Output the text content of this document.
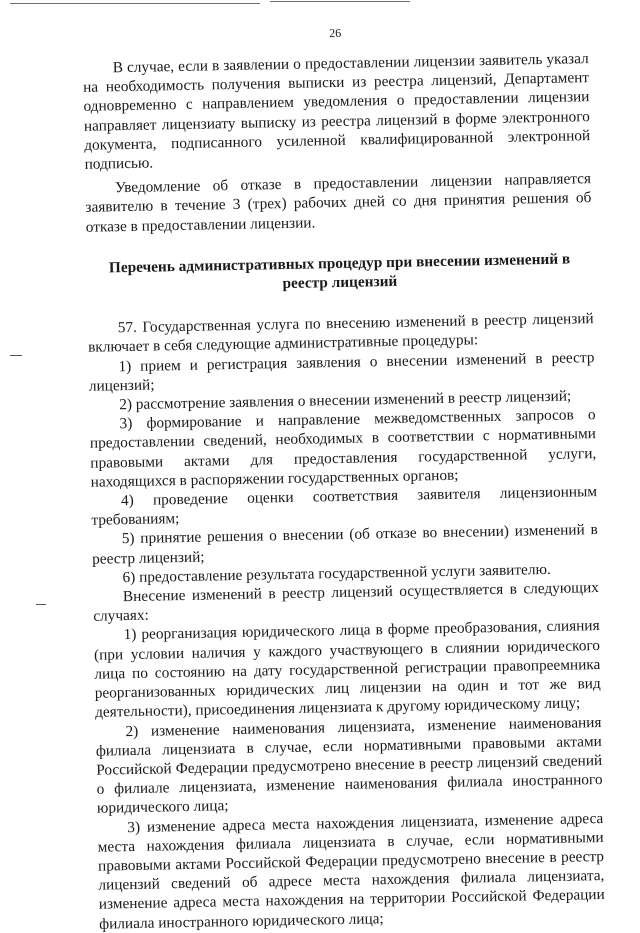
26

В случае, если в заявлении о предоставлении лицензии заявитель указал на необходимость получения выписки из реестра лицензий, Департамент одновременно с направлением уведомления о предоставлении лицензии направляет лицензиату выписку из реестра лицензий в форме электронного документа, подписанного усиленной квалифицированной электронной подписью.

Уведомление об отказе в предоставлении лицензии направляется заявителю в течение 3 (трех) рабочих дней со дня принятия решения об отказе в предоставлении лицензии.

Перечень административных процедур при внесении изменений в реестр лицензий

57. Государственная услуга по внесению изменений в реестр лицензий включает в себя следующие административные процедуры:

1) прием и регистрация заявления о внесении изменений в реестр лицензий;

2) рассмотрение заявления о внесении изменений в реестр лицензий;

3) формирование и направление межведомственных запросов о предоставлении сведений, необходимых в соответствии с нормативными правовыми актами для предоставления государственной услуги, находящихся в распоряжении государственных органов;

4) проведение оценки соответствия заявителя лицензионным требованиям;

5) принятие решения о внесении (об отказе во внесении) изменений в реестр лицензий;

6) предоставление результата государственной услуги заявителю.

Внесение изменений в реестр лицензий осуществляется в следующих случаях:

1) реорганизация юридического лица в форме преобразования, слияния (при условии наличия у каждого участвующего в слиянии юридического лица по состоянию на дату государственной регистрации правопреемника реорганизованных юридических лиц лицензии на один и тот же вид деятельности), присоединения лицензиата к другому юридическому лицу;

2) изменение наименования лицензиата, изменение наименования филиала лицензиата в случае, если нормативными правовыми актами Российской Федерации предусмотрено внесение в реестр лицензий сведений о филиале лицензиата, изменение наименования филиала иностранного юридического лица;

3) изменение адреса места нахождения лицензиата, изменение адреса места нахождения филиала лицензиата в случае, если нормативными правовыми актами Российской Федерации предусмотрено внесение в реестр лицензий сведений об адресе места нахождения филиала лицензиата, изменение адреса места нахождения на территории Российской Федерации филиала иностранного юридического лица;
